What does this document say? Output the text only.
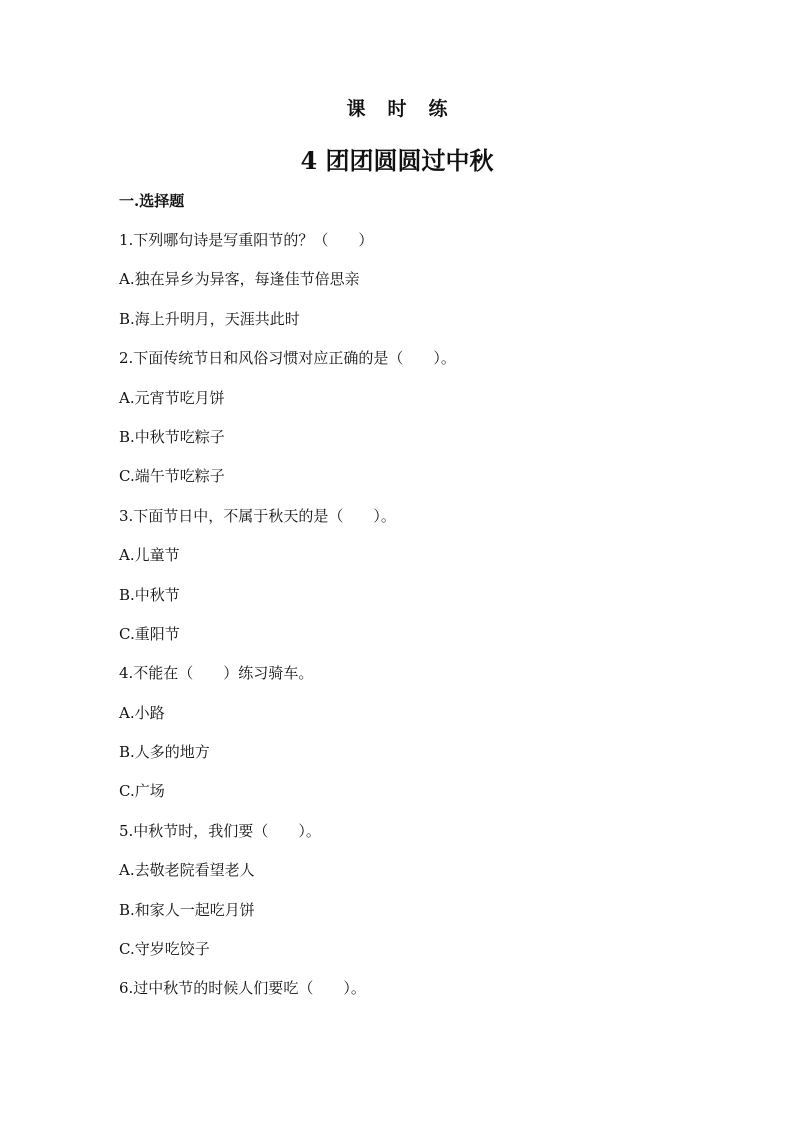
课时练
4 团团圆圆过中秋
一.选择题
1.下列哪句诗是写重阳节的？（　　）
A.独在异乡为异客，每逢佳节倍思亲
B.海上升明月，天涯共此时
2.下面传统节日和风俗习惯对应正确的是（　　）。
A.元宵节吃月饼
B.中秋节吃粽子
C.端午节吃粽子
3.下面节日中，不属于秋天的是（　　）。
A.儿童节
B.中秋节
C.重阳节
4.不能在（　　）练习骑车。
A.小路
B.人多的地方
C.广场
5.中秋节时，我们要（　　）。
A.去敬老院看望老人
B.和家人一起吃月饼
C.守岁吃饺子
6.过中秋节的时候人们要吃（　　）。
